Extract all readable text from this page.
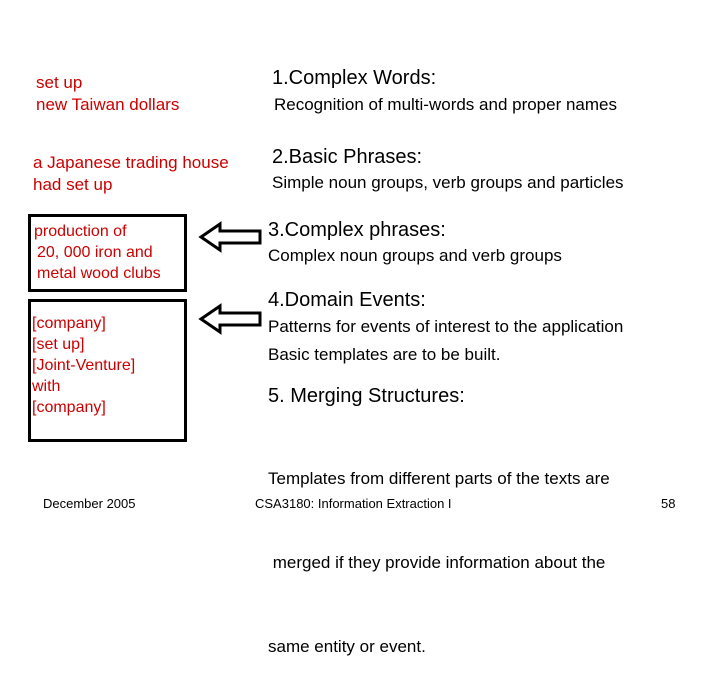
set up
new Taiwan dollars
a Japanese trading house
had set up
production of
20, 000 iron and
metal wood clubs
[company]
[set up]
[Joint-Venture]
with
[company]
1.Complex Words:
Recognition of multi-words and proper names
2.Basic Phrases:
Simple noun groups, verb groups and particles
3.Complex phrases:
Complex noun groups and verb groups
4.Domain Events:
Patterns for events of interest to the application
Basic templates are to be built.
5. Merging Structures:

Templates from different parts of the texts are

merged if they provide information about the

same entity or event.

December 2005	CSA3180: Information Extraction I	58
